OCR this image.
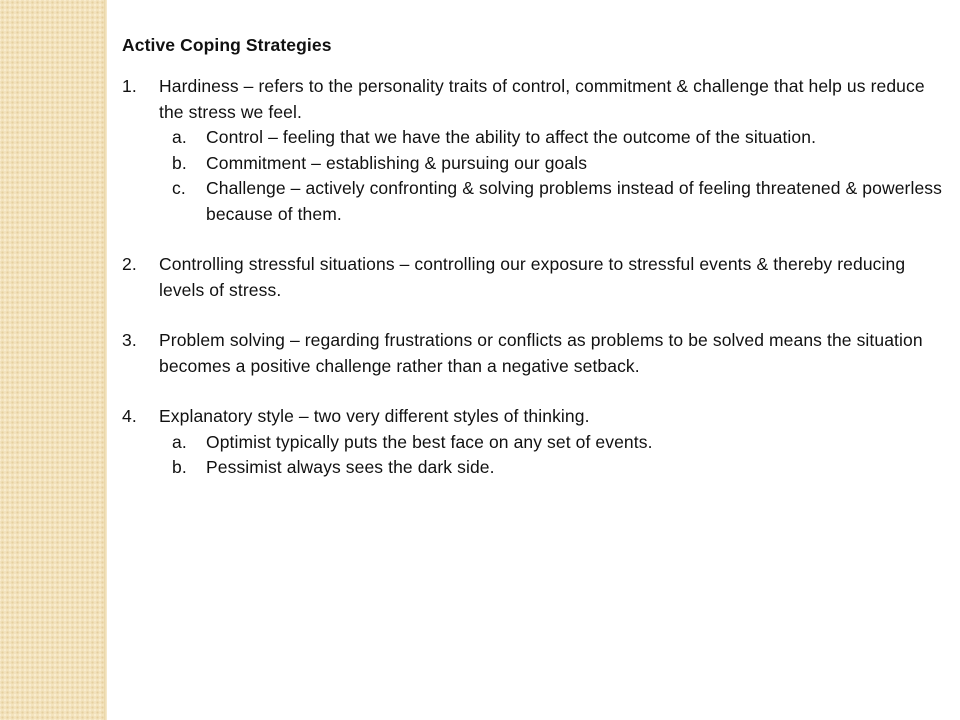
Active Coping Strategies
1. Hardiness – refers to the personality traits of control, commitment & challenge that help us reduce the stress we feel.
a. Control – feeling that we have the ability to affect the outcome of the situation.
b. Commitment – establishing & pursuing our goals
c. Challenge – actively confronting & solving problems instead of feeling threatened & powerless because of them.
2. Controlling stressful situations – controlling our exposure to stressful events & thereby reducing levels of stress.
3. Problem solving – regarding frustrations or conflicts as problems to be solved means the situation becomes a positive challenge rather than a negative setback.
4. Explanatory style – two very different styles of thinking.
a. Optimist typically puts the best face on any set of events.
b. Pessimist always sees the dark side.
